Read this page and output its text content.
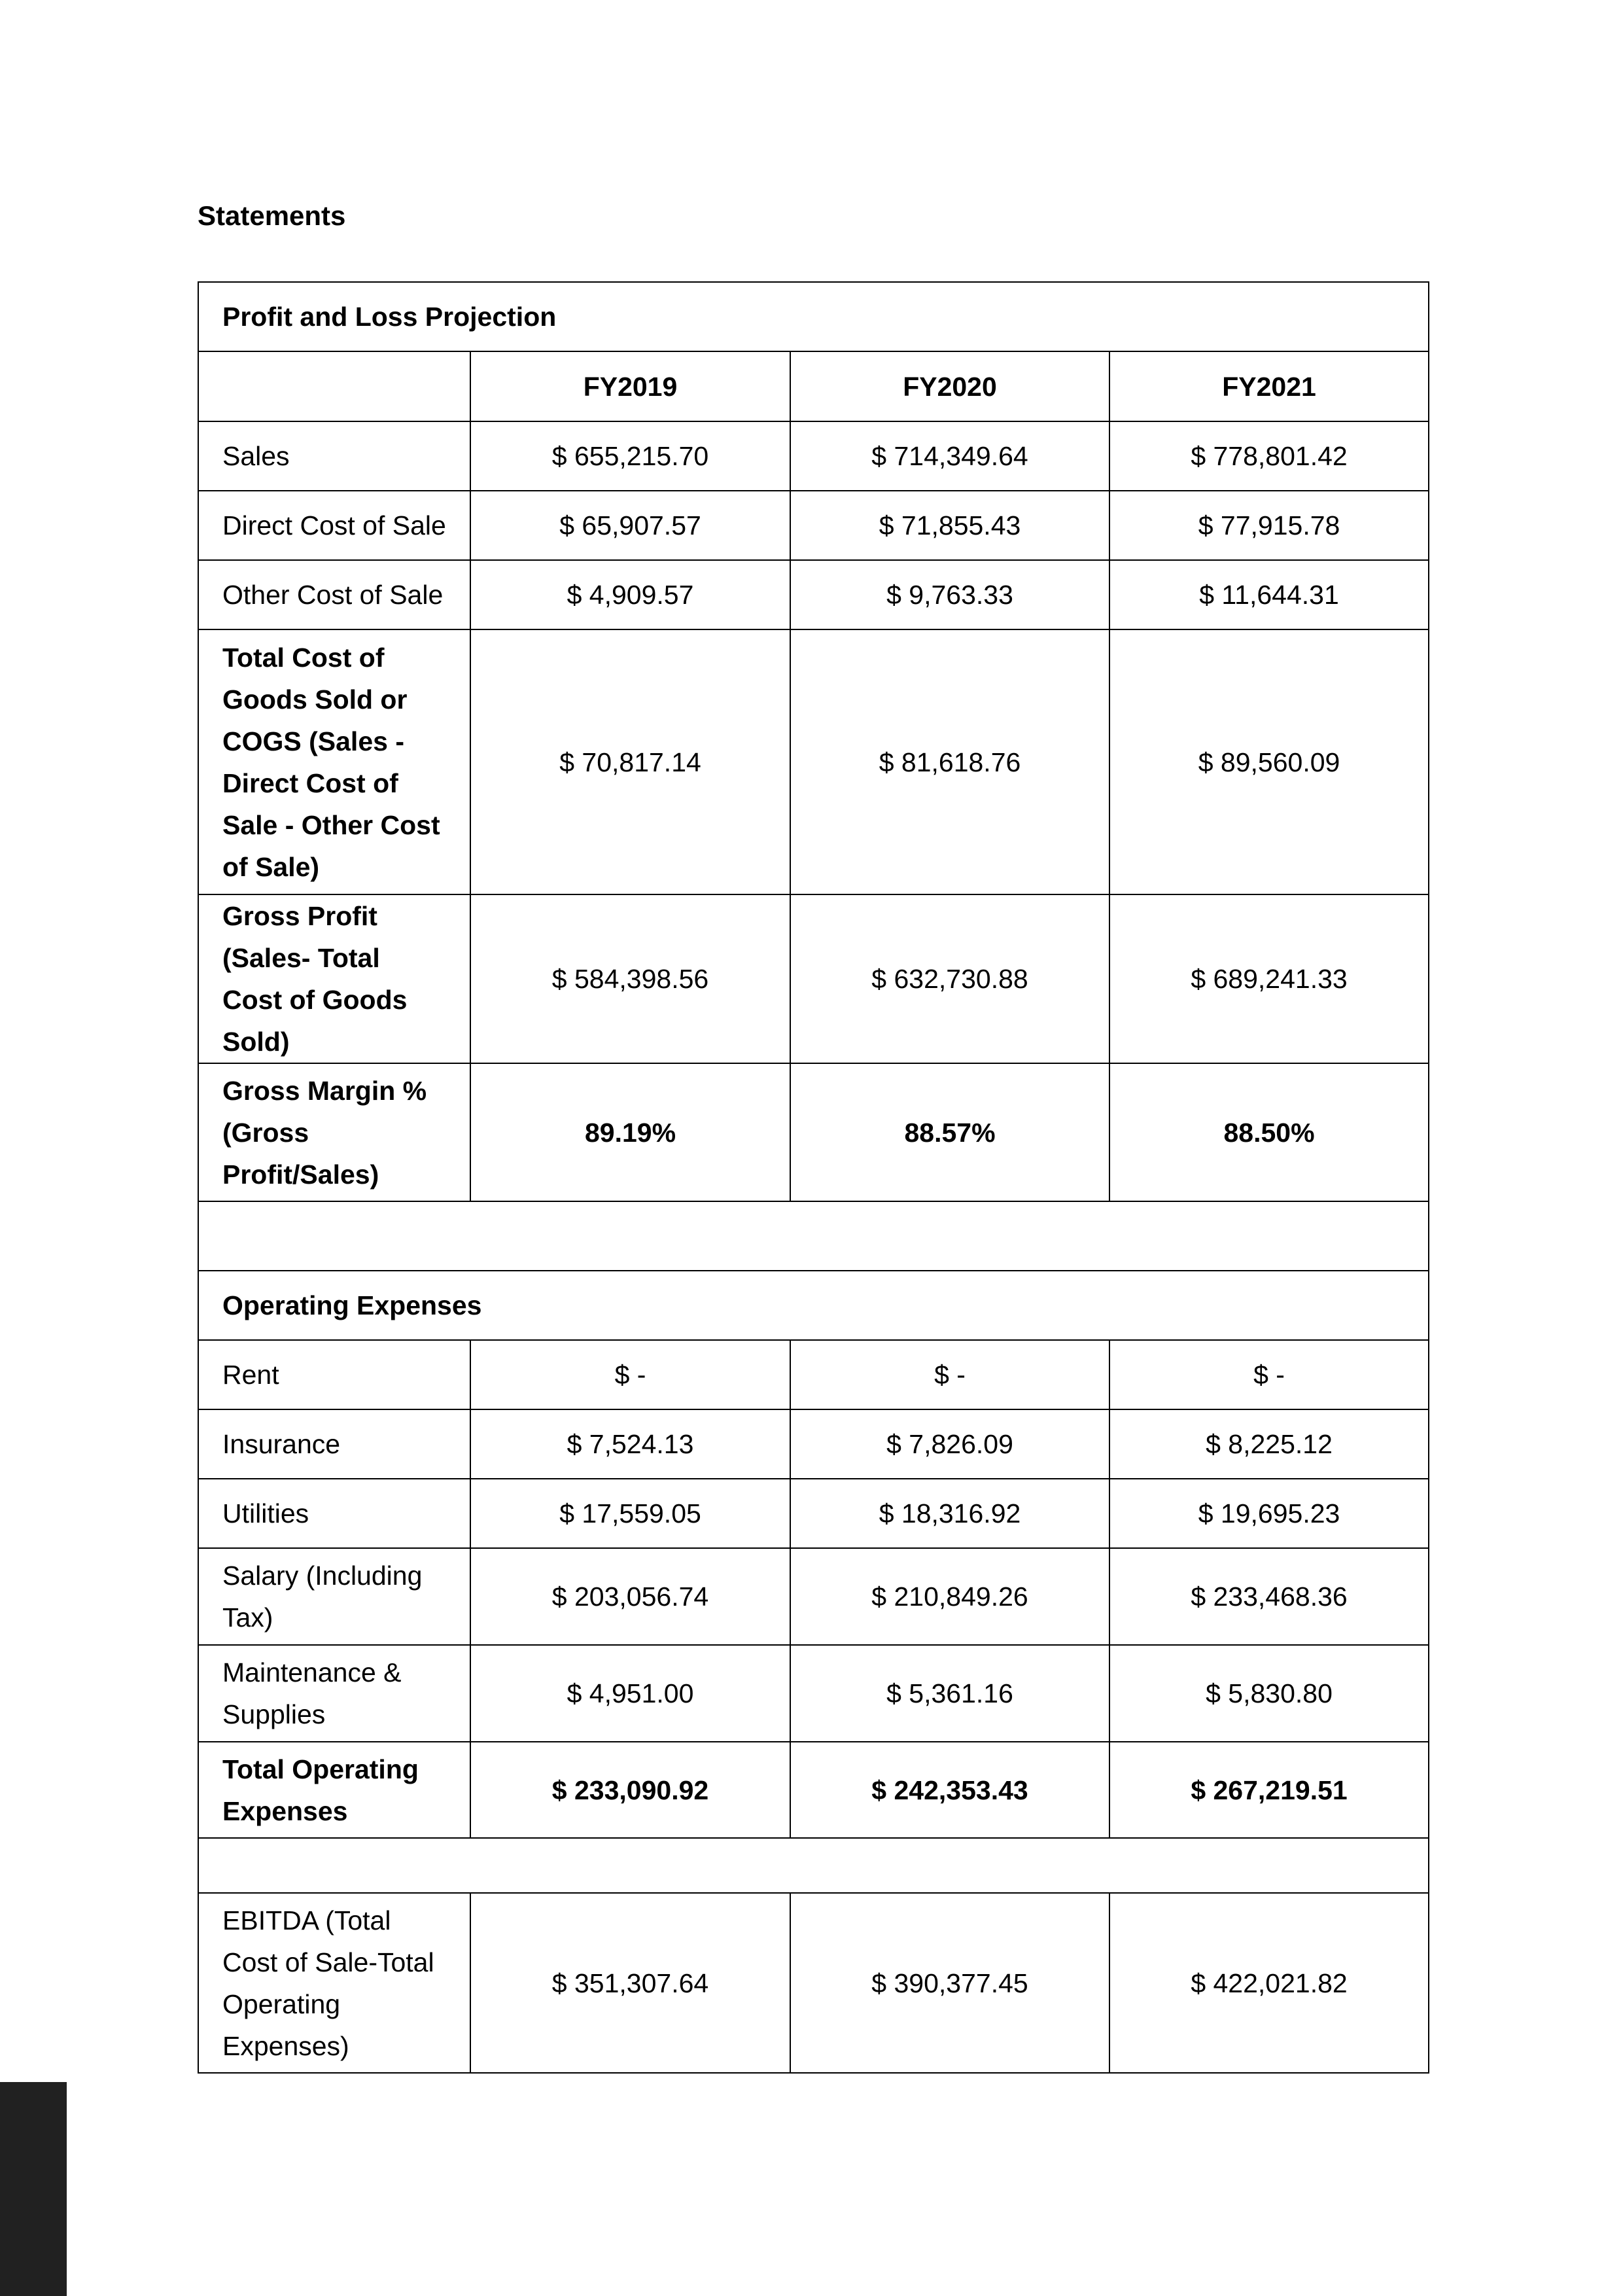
Statements
Profit and Loss Projection			
	FY2019	FY2020	FY2021
Sales	$ 655,215.70	$ 714,349.64	$ 778,801.42
Direct Cost of Sale	$ 65,907.57	$ 71,855.43	$ 77,915.78
Other Cost of Sale	$ 4,909.57	$ 9,763.33	$ 11,644.31
Total Cost of Goods Sold or COGS (Sales - Direct Cost of Sale - Other Cost of Sale)	$ 70,817.14	$ 81,618.76	$ 89,560.09
Gross Profit (Sales- Total Cost of Goods Sold)	$ 584,398.56	$ 632,730.88	$ 689,241.33
Gross Margin % (Gross Profit/Sales)	89.19%	88.57%	88.50%

Operating Expenses			
Rent	$ -	$ -	$ -
Insurance	$ 7,524.13	$ 7,826.09	$ 8,225.12
Utilities	$ 17,559.05	$ 18,316.92	$ 19,695.23
Salary (Including Tax)	$ 203,056.74	$ 210,849.26	$ 233,468.36
Maintenance & Supplies	$ 4,951.00	$ 5,361.16	$ 5,830.80
Total Operating Expenses	$ 233,090.92	$ 242,353.43	$ 267,219.51

EBITDA (Total Cost of Sale-Total Operating Expenses)	$ 351,307.64	$ 390,377.45	$ 422,021.82
